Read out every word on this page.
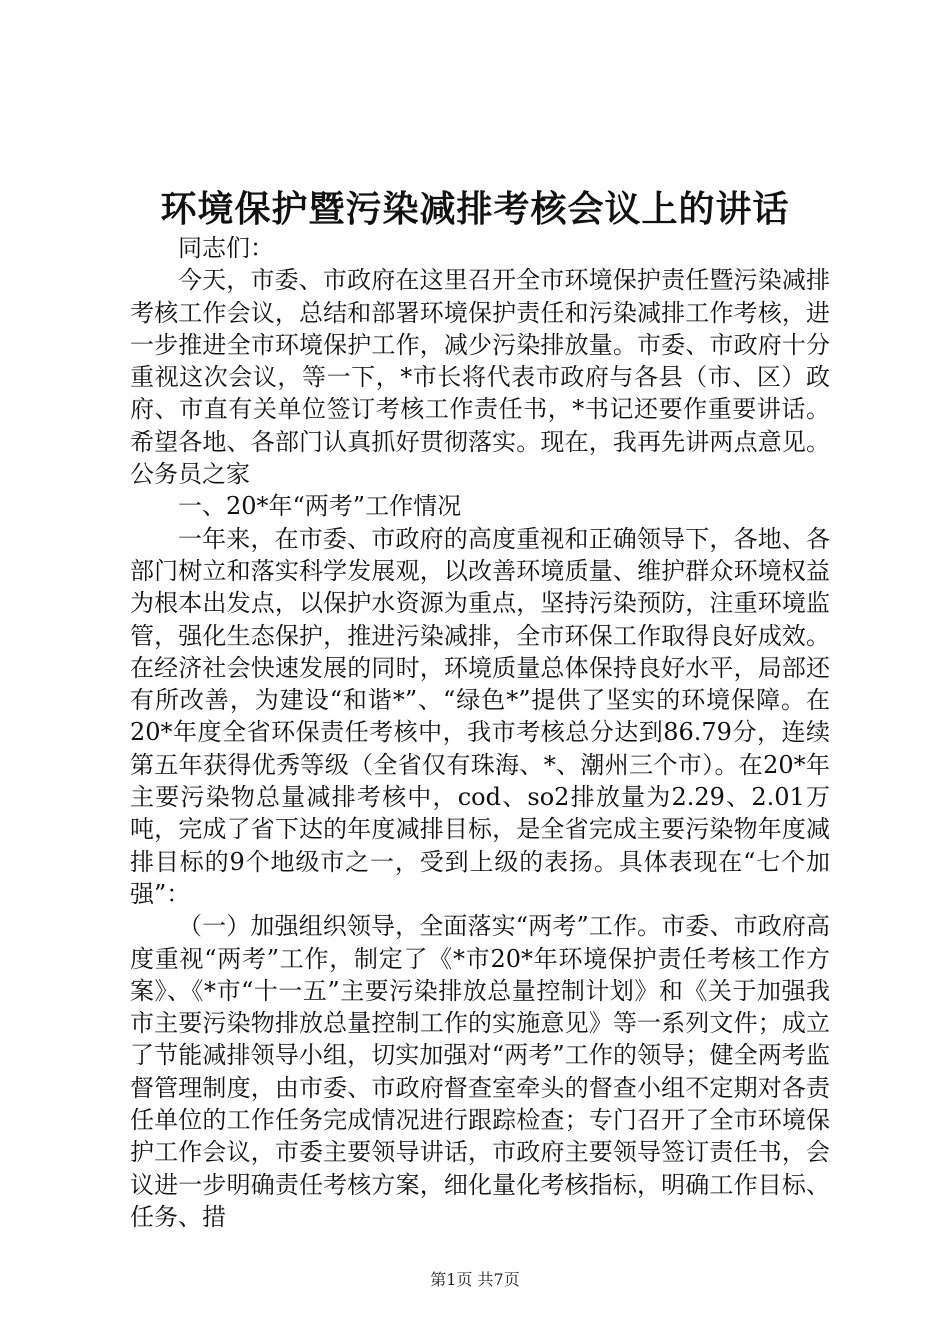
环境保护暨污染减排考核会议上的讲话

同志们：

今天，市委、市政府在这里召开全市环境保护责任暨污染减排考核工作会议，总结和部署环境保护责任和污染减排工作考核，进一步推进全市环境保护工作，减少污染排放量。市委、市政府十分重视这次会议，等一下，*市长将代表市政府与各县（市、区）政府、市直有关单位签订考核工作责任书，*书记还要作重要讲话。希望各地、各部门认真抓好贯彻落实。现在，我再先讲两点意见。公务员之家

一、20*年“两考”工作情况

一年来，在市委、市政府的高度重视和正确领导下，各地、各部门树立和落实科学发展观，以改善环境质量、维护群众环境权益为根本出发点，以保护水资源为重点，坚持污染预防，注重环境监管，强化生态保护，推进污染减排，全市环保工作取得良好成效。在经济社会快速发展的同时，环境质量总体保持良好水平，局部还有所改善，为建设“和谐*”、“绿色*”提供了坚实的环境保障。在20*年度全省环保责任考核中，我市考核总分达到86.79分，连续第五年获得优秀等级（全省仅有珠海、*、潮州三个市）。在20*年主要污染物总量减排考核中，cod、so2排放量为2.29、2.01万吨，完成了省下达的年度减排目标，是全省完成主要污染物年度减排目标的9个地级市之一，受到上级的表扬。具体表现在“七个加强”：

（一）加强组织领导，全面落实“两考”工作。市委、市政府高度重视“两考”工作，制定了《*市20*年环境保护责任考核工作方案》、《*市“十一五”主要污染排放总量控制计划》和《关于加强我市主要污染物排放总量控制工作的实施意见》等一系列文件；成立了节能减排领导小组，切实加强对“两考”工作的领导；健全两考监督管理制度，由市委、市政府督查室牵头的督查小组不定期对各责任单位的工作任务完成情况进行跟踪检查；专门召开了全市环境保护工作会议，市委主要领导讲话，市政府主要领导签订责任书，会议进一步明确责任考核方案，细化量化考核指标，明确工作目标、任务、措

第1页 共7页
